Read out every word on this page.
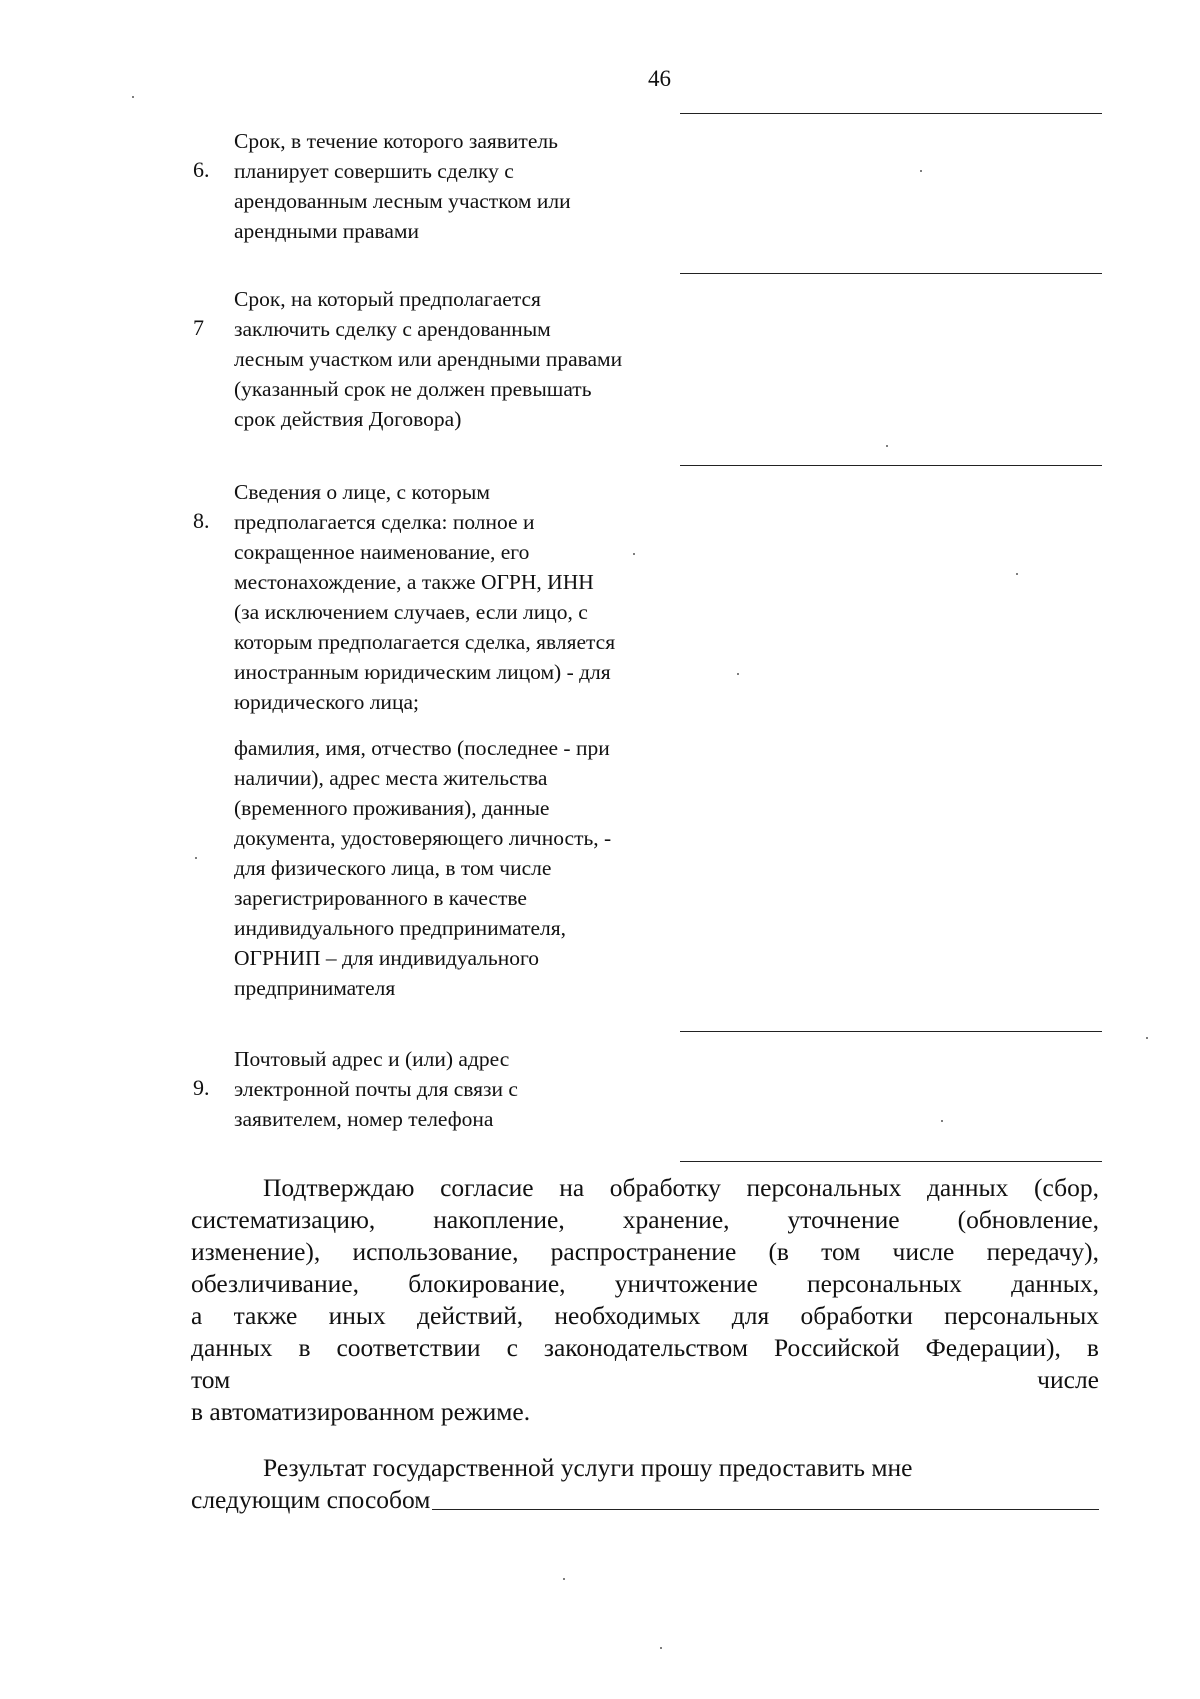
46
6.
Срок, в течение которого заявитель
планирует совершить сделку с
арендованным лесным участком или
арендными правами
7
Срок, на который предполагается
заключить сделку с арендованным
лесным участком или арендными правами
(указанный срок не должен превышать
срок действия Договора)
8.
Сведения о лице, с которым
предполагается сделка: полное и
сокращенное наименование, его
местонахождение, а также ОГРН, ИНН
(за исключением случаев, если лицо, с
которым предполагается сделка, является
иностранным юридическим лицом) - для
юридического лица;
фамилия, имя, отчество (последнее - при
наличии), адрес места жительства
(временного проживания), данные
документа, удостоверяющего личность, -
для физического лица, в том числе
зарегистрированного в качестве
индивидуального предпринимателя,
ОГРНИП – для индивидуального
предпринимателя
9.
Почтовый адрес и (или) адрес
электронной почты для связи с
заявителем, номер телефона
Подтверждаю согласие на обработку персональных данных (сбор,
систематизацию, накопление, хранение, уточнение (обновление,
изменение), использование, распространение (в том числе передачу),
обезличивание, блокирование, уничтожение персональных данных,
а также иных действий, необходимых для обработки персональных
данных в соответствии с законодательством Российской Федерации), в
том	числе
в автоматизированном режиме.
Результат государственной услуги прошу предоставить мне
следующим способом
